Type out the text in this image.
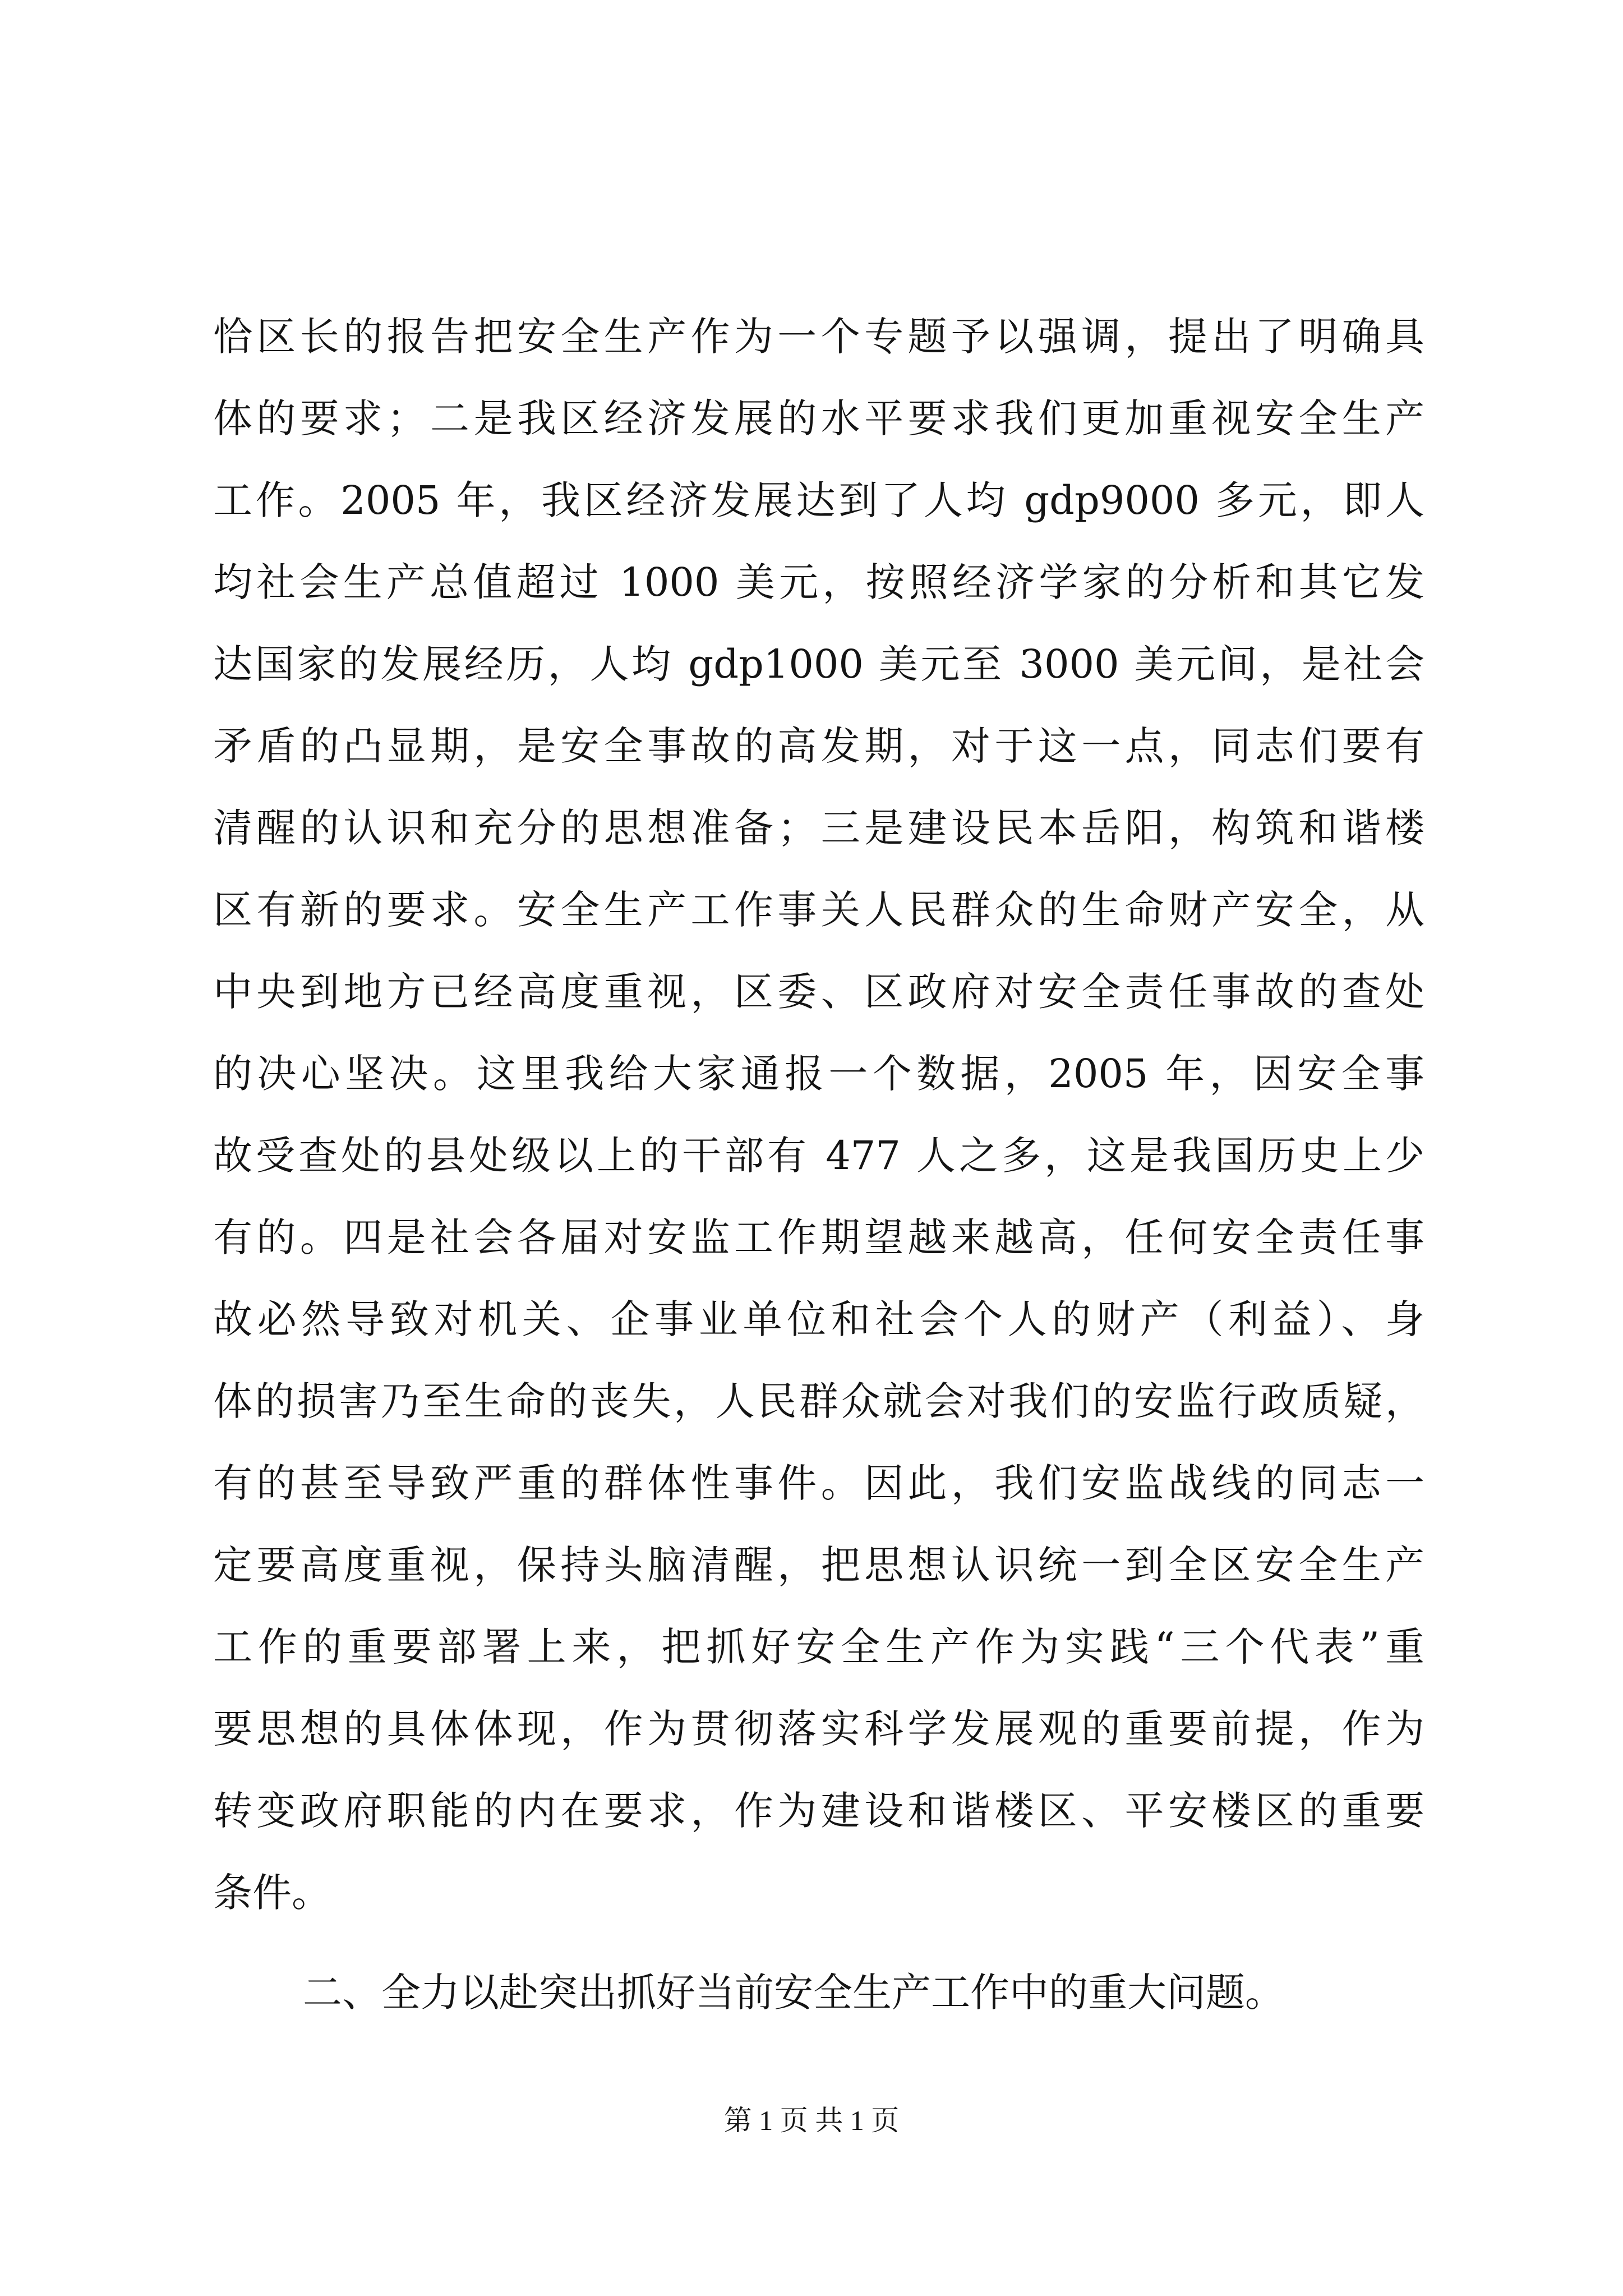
恰区长的报告把安全生产作为一个专题予以强调，提出了明确具
体的要求；二是我区经济发展的水平要求我们更加重视安全生产
工作。2005 年，我区经济发展达到了人均 gdp9000 多元，即人
均社会生产总值超过 1000 美元，按照经济学家的分析和其它发
达国家的发展经历，人均 gdp1000 美元至 3000 美元间，是社会
矛盾的凸显期，是安全事故的高发期，对于这一点，同志们要有
清醒的认识和充分的思想准备；三是建设民本岳阳，构筑和谐楼
区有新的要求。安全生产工作事关人民群众的生命财产安全，从
中央到地方已经高度重视，区委、区政府对安全责任事故的查处
的决心坚决。这里我给大家通报一个数据，2005 年，因安全事
故受查处的县处级以上的干部有 477 人之多，这是我国历史上少
有的。四是社会各届对安监工作期望越来越高，任何安全责任事
故必然导致对机关、企事业单位和社会个人的财产（利益）、身
体的损害乃至生命的丧失，人民群众就会对我们的安监行政质疑，
有的甚至导致严重的群体性事件。因此，我们安监战线的同志一
定要高度重视，保持头脑清醒，把思想认识统一到全区安全生产
工作的重要部署上来，把抓好安全生产作为实践“三个代表”重
要思想的具体体现，作为贯彻落实科学发展观的重要前提，作为
转变政府职能的内在要求，作为建设和谐楼区、平安楼区的重要
条件。
二、全力以赴突出抓好当前安全生产工作中的重大问题。
第 1 页 共 1 页
